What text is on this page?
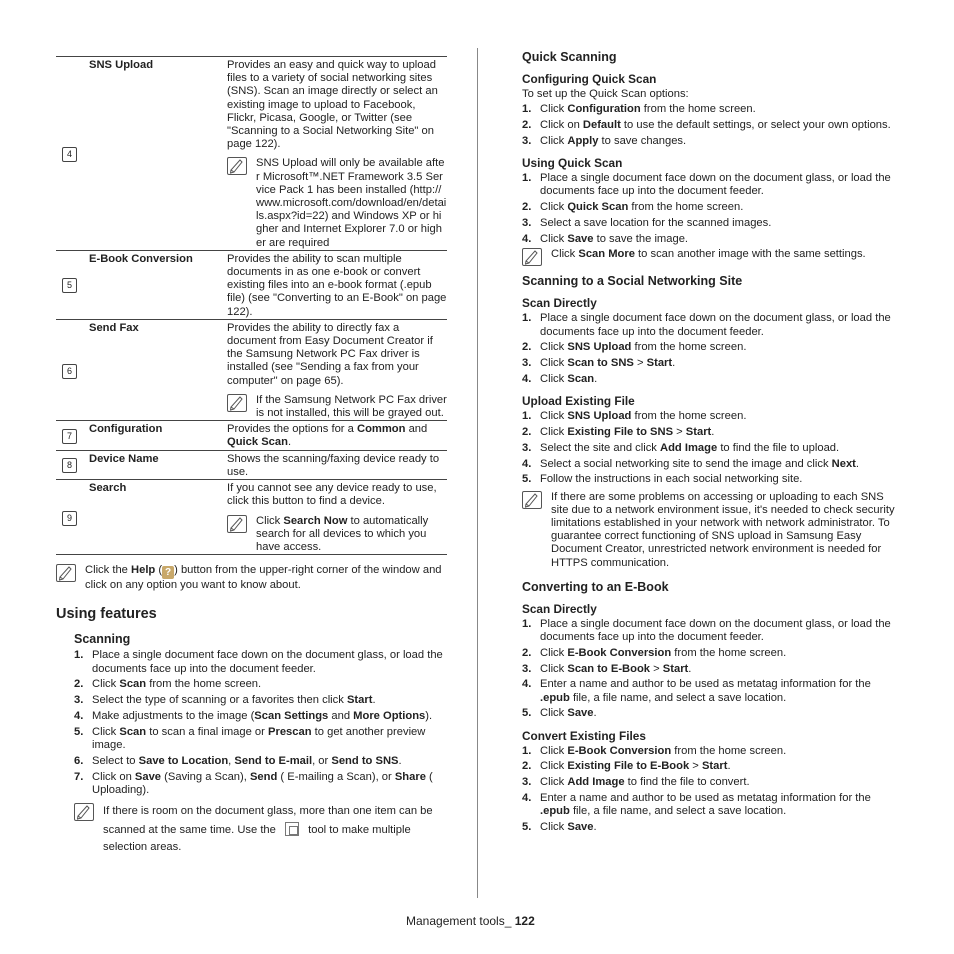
4	SNS Upload	Provides an easy and quick way to upload files to a variety of social networking sites (SNS). Scan an image directly or select an existing image to upload to Facebook, Flickr, Picasa, Google, or Twitter (see "Scanning to a Social Networking Site" on page 122).
SNS Upload will only be available after Microsoft™.NET Framework 3.5 Service Pack 1 has been installed (http://www.microsoft.com/download/en/details.aspx?id=22) and Windows XP or higher and Internet Explorer 7.0 or higher are required

5	E-Book Conversion	Provides the ability to scan multiple documents in as one e-book or convert existing files into an e-book format (.epub file) (see "Converting to an E-Book" on page 122).
6	Send Fax	Provides the ability to directly fax a document from Easy Document Creator if the Samsung Network PC Fax driver is installed (see "Sending a fax from your computer" on page 65).
If the Samsung Network PC Fax driver is not installed, this will be grayed out.

7	Configuration	Provides the options for a Common and Quick Scan.
8	Device Name	Shows the scanning/faxing device ready to use.
9	Search	If you cannot see any device ready to use, click this button to find a device.
Click Search Now to automatically search for all devices to which you have access.
Click the Help ( ? ) button from the upper-right corner of the window and click on any option you want to know about.
Using features
Scanning
1. Place a single document face down on the document glass, or load the documents face up into the document feeder.
2. Click Scan from the home screen.
3. Select the type of scanning or a favorites then click Start.
4. Make adjustments to the image (Scan Settings and More Options).
5. Click Scan to scan a final image or Prescan to get another preview image.
6. Select to Save to Location, Send to E-mail, or Send to SNS.
7. Click on Save (Saving a Scan), Send ( E-mailing a Scan), or Share ( Uploading).
If there is room on the document glass, more than one item can be
scanned at the same time. Use the	tool to make multiple
selection areas.
Quick Scanning
Configuring Quick Scan
To set up the Quick Scan options:
1. Click Configuration from the home screen.
2. Click on Default to use the default settings, or select your own options.
3. Click Apply to save changes.
Using Quick Scan
1. Place a single document face down on the document glass, or load the documents face up into the document feeder.
2. Click Quick Scan from the home screen.
3. Select a save location for the scanned images.
4. Click Save to save the image.
Click Scan More to scan another image with the same settings.
Scanning to a Social Networking Site
Scan Directly
1. Place a single document face down on the document glass, or load the documents face up into the document feeder.
2. Click SNS Upload from the home screen.
3. Click Scan to SNS > Start.
4. Click Scan.
Upload Existing File
1. Click SNS Upload from the home screen.
2. Click Existing File to SNS > Start.
3. Select the site and click Add Image to find the file to upload.
4. Select a social networking site to send the image and click Next.
5. Follow the instructions in each social networking site.
If there are some problems on accessing or uploading to each SNS site due to a network environment issue, it's needed to check security limitations established in your network with network administrator. To guarantee correct functioning of SNS upload in Samsung Easy Document Creator, unrestricted network environment is needed for HTTPS communication.
Converting to an E-Book
Scan Directly
1. Place a single document face down on the document glass, or load the documents face up into the document feeder.
2. Click E-Book Conversion from the home screen.
3. Click Scan to E-Book > Start.
4. Enter a name and author to be used as metatag information for the .epub file, a file name, and select a save location.
5. Click Save.
Convert Existing Files
1. Click E-Book Conversion from the home screen.
2. Click Existing File to E-Book > Start.
3. Click Add Image to find the file to convert.
4. Enter a name and author to be used as metatag information for the .epub file, a file name, and select a save location.
5. Click Save.
Management tools_ 122
